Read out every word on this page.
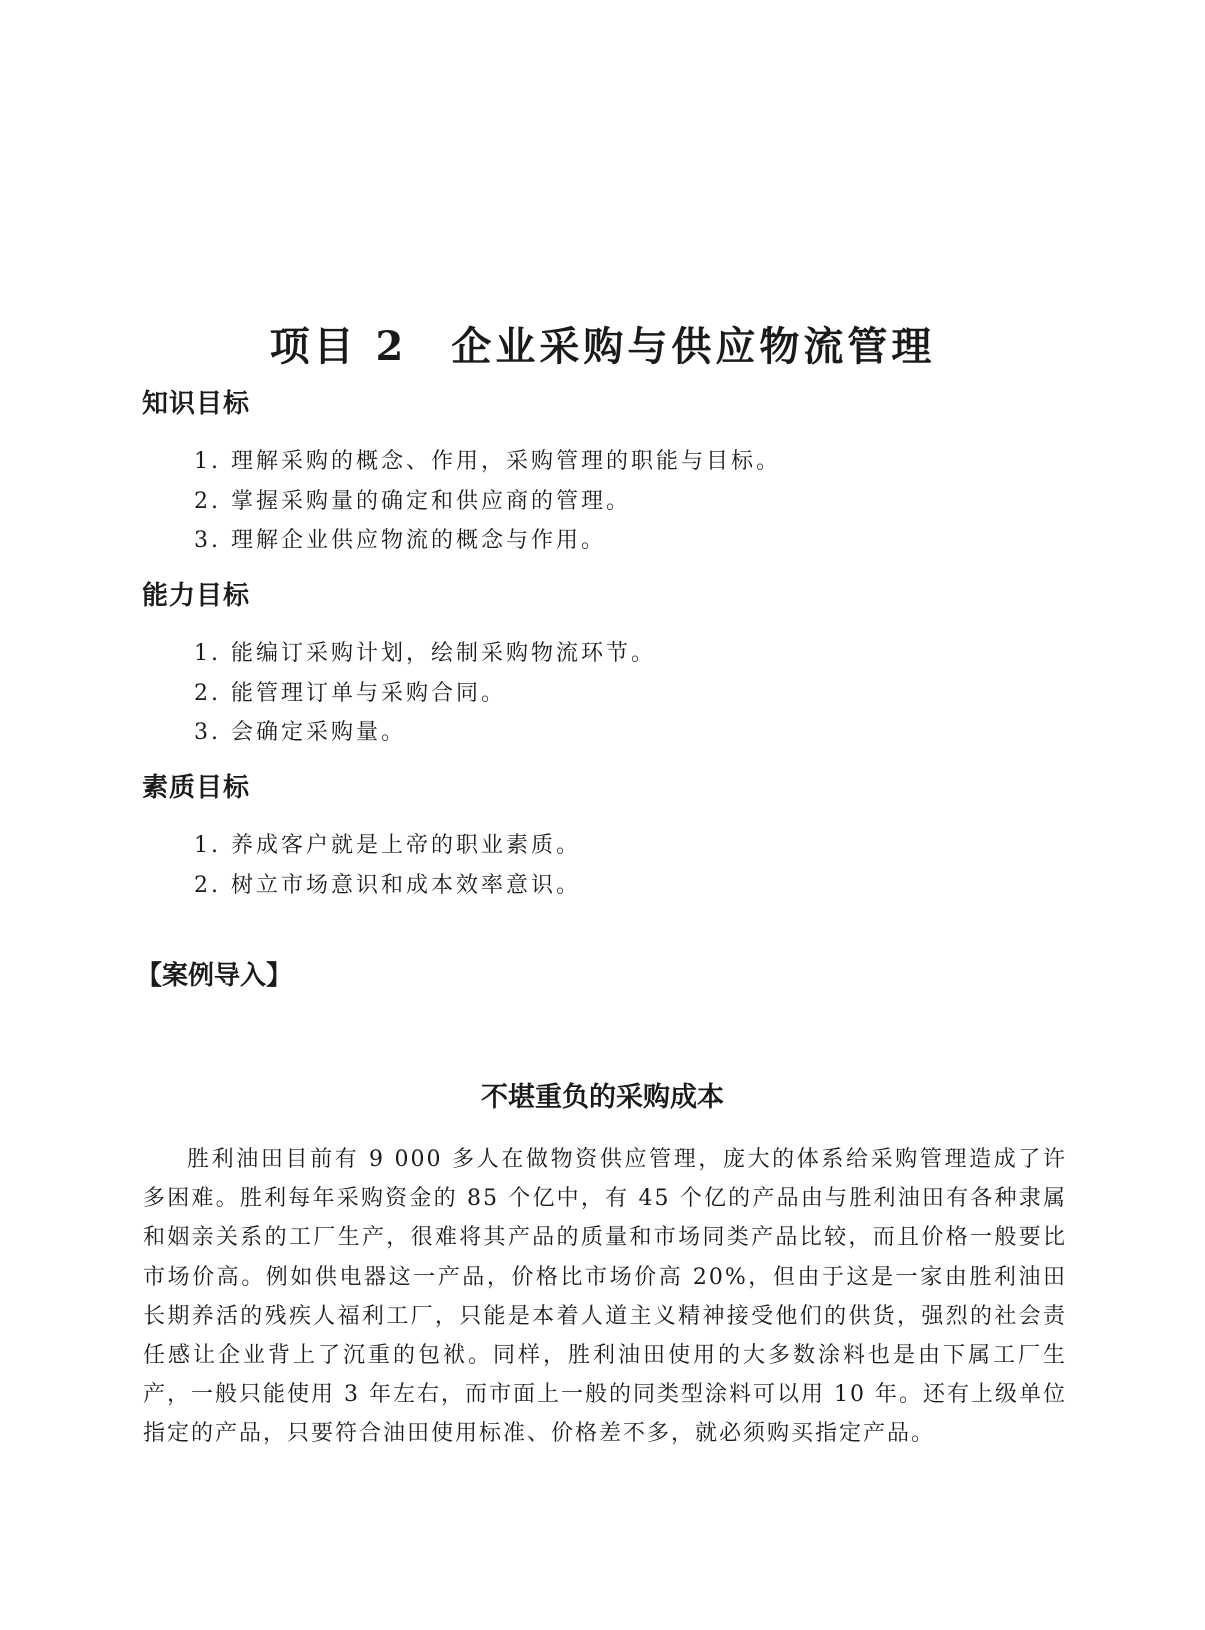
项目 2 企业采购与供应物流管理
知识目标
1. 理解采购的概念、作用，采购管理的职能与目标。
2. 掌握采购量的确定和供应商的管理。
3. 理解企业供应物流的概念与作用。
能力目标
1. 能编订采购计划，绘制采购物流环节。
2. 能管理订单与采购合同。
3. 会确定采购量。
素质目标
1. 养成客户就是上帝的职业素质。
2. 树立市场意识和成本效率意识。
【案例导入】
不堪重负的采购成本

胜利油田目前有 9 000 多人在做物资供应管理，庞大的体系给采购管理造成了许多困难。胜利每年采购资金的 85 个亿中，有 45 个亿的产品由与胜利油田有各种隶属和姻亲关系的工厂生产，很难将其产品的质量和市场同类产品比较，而且价格一般要比市场价高。例如供电器这一产品，价格比市场价高 20%，但由于这是一家由胜利油田长期养活的残疾人福利工厂，只能是本着人道主义精神接受他们的供货，强烈的社会责任感让企业背上了沉重的包袱。同样，胜利油田使用的大多数涂料也是由下属工厂生产，一般只能使用 3 年左右，而市面上一般的同类型涂料可以用 10 年。还有上级单位指定的产品，只要符合油田使用标准、价格差不多，就必须购买指定产品。
